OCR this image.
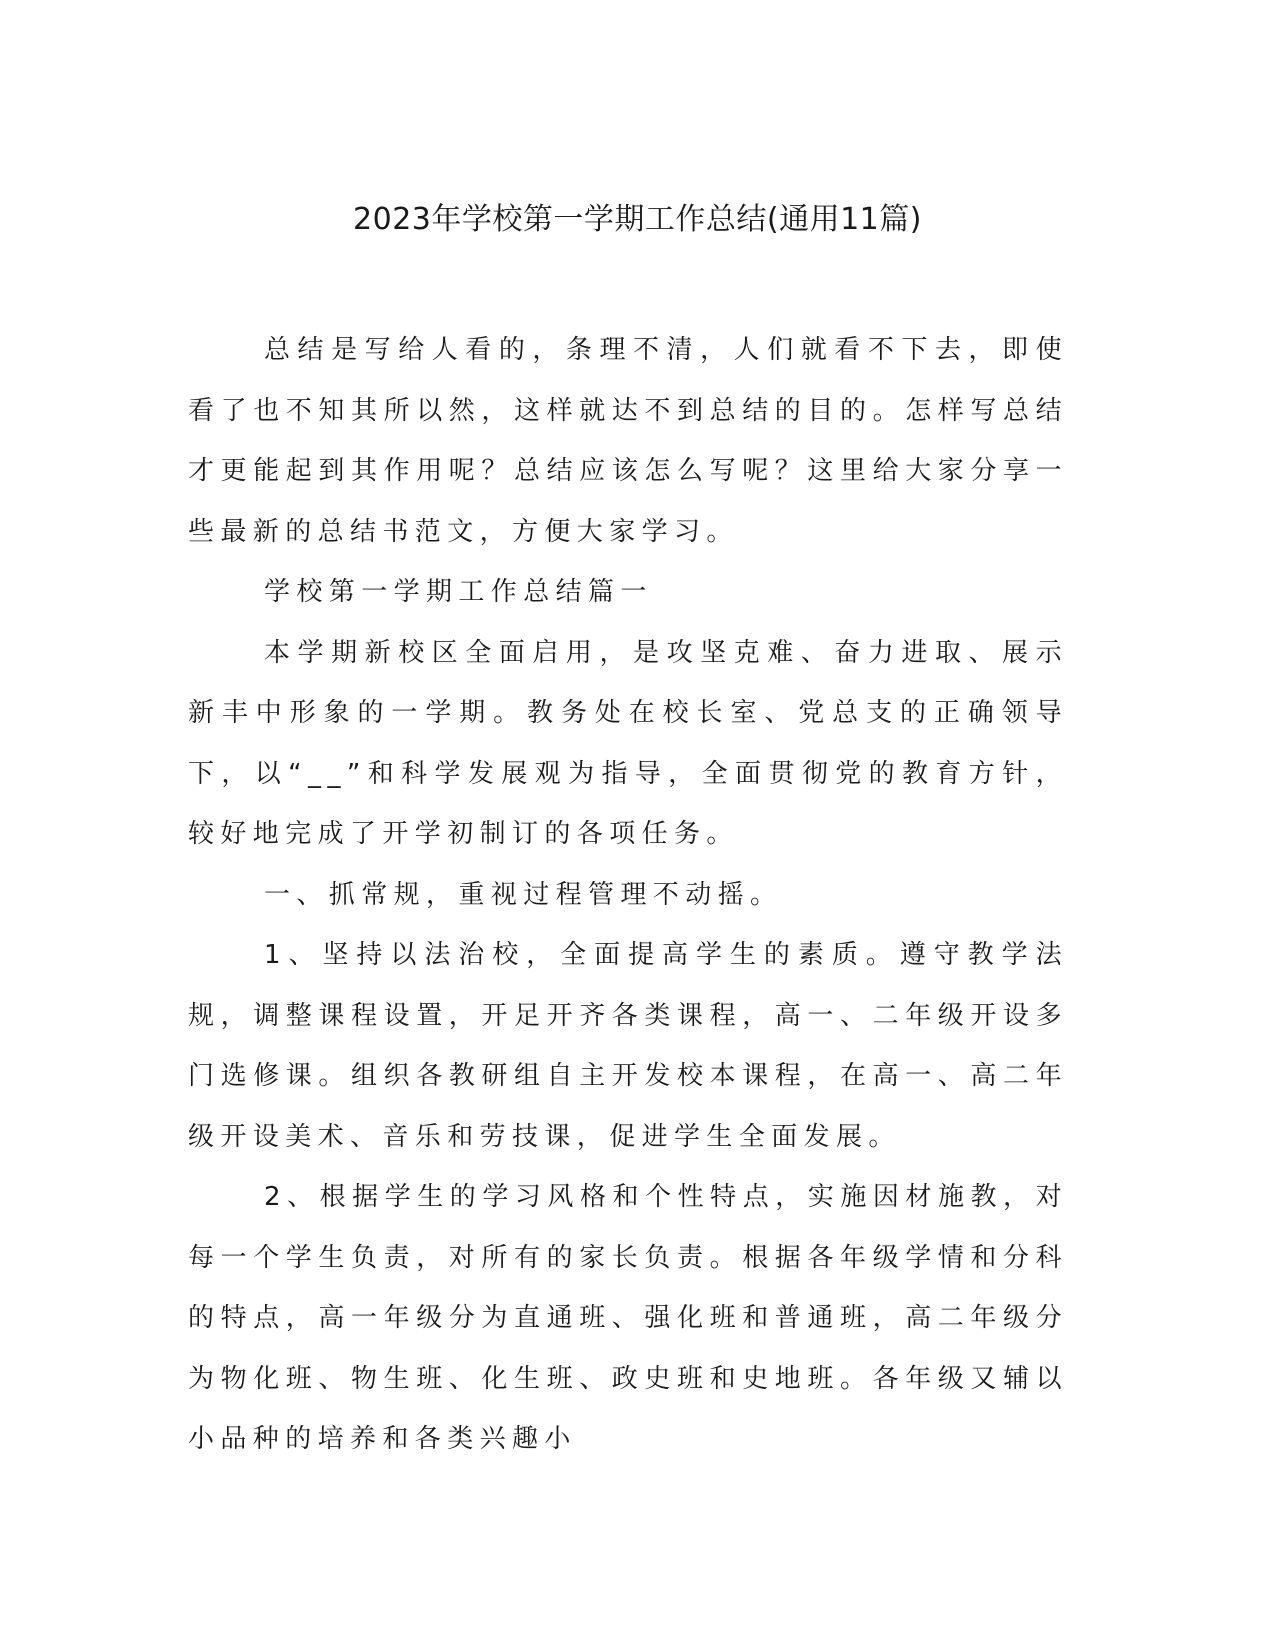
2023年学校第一学期工作总结(通用11篇)

总结是写给人看的，条理不清，人们就看不下去，即使看了也不知其所以然，这样就达不到总结的目的。怎样写总结才更能起到其作用呢？总结应该怎么写呢？这里给大家分享一些最新的总结书范文，方便大家学习。

学校第一学期工作总结篇一

本学期新校区全面启用，是攻坚克难、奋力进取、展示新丰中形象的一学期。教务处在校长室、党总支的正确领导下，以“__”和科学发展观为指导，全面贯彻党的教育方针，较好地完成了开学初制订的各项任务。

一、抓常规，重视过程管理不动摇。

1、坚持以法治校，全面提高学生的素质。遵守教学法规，调整课程设置，开足开齐各类课程，高一、二年级开设多门选修课。组织各教研组自主开发校本课程，在高一、高二年级开设美术、音乐和劳技课，促进学生全面发展。

2、根据学生的学习风格和个性特点，实施因材施教，对每一个学生负责，对所有的家长负责。根据各年级学情和分科的特点，高一年级分为直通班、强化班和普通班，高二年级分为物化班、物生班、化生班、政史班和史地班。各年级又辅以小品种的培养和各类兴趣小
